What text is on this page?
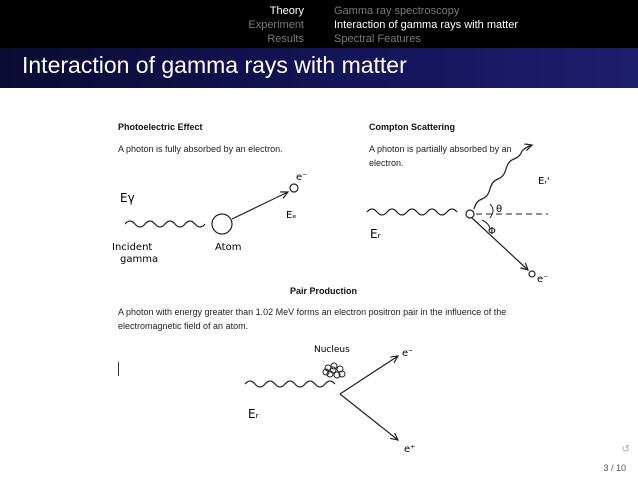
Theory
Experiment
Results
Gamma ray spectroscopy
Interaction of gamma rays with matter
Spectral Features
Interaction of gamma rays with matter
Photoelectric Effect
A photon is fully absorbed by an electron.
Compton Scattering
A photon is partially absorbed by an electron.
Pair Production
A photon with energy greater than 1.02 MeV forms an electron positron pair in the influence of the electromagnetic field of an atom.
Eγ
e⁻
Eₑ
Incident
gamma
Atom
Eᵣ
Eᵣ'
θ
Φ
e⁻
Nucleus	e⁻
e⁺
Eᵣ
↺
3 / 10
